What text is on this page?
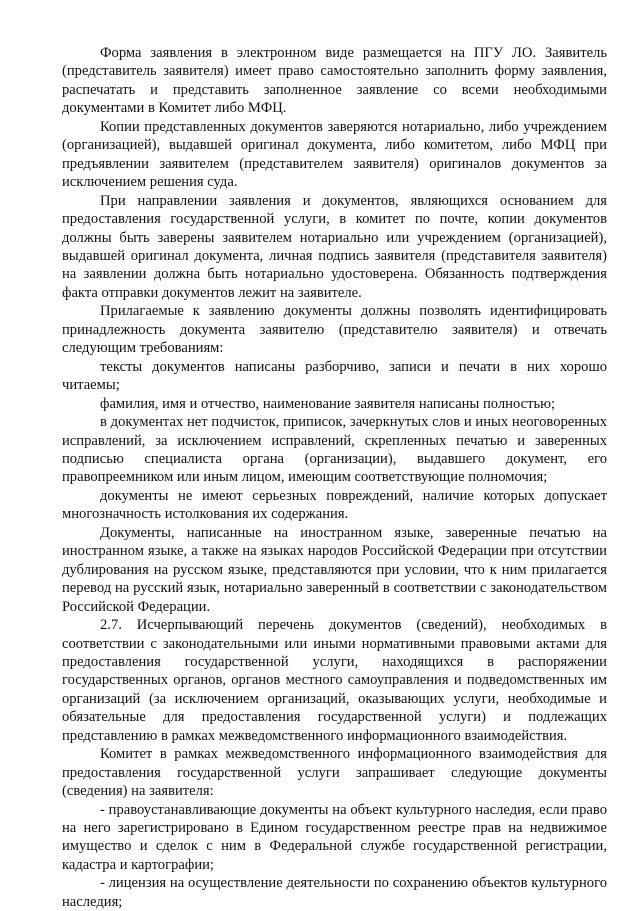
Форма заявления в электронном виде размещается на ПГУ ЛО. Заявитель (представитель заявителя) имеет право самостоятельно заполнить форму заявления, распечатать и представить заполненное заявление со всеми необходимыми документами в Комитет либо МФЦ.

Копии представленных документов заверяются нотариально, либо учреждением (организацией), выдавшей оригинал документа, либо комитетом, либо МФЦ при предъявлении заявителем (представителем заявителя) оригиналов документов за исключением решения суда.

При направлении заявления и документов, являющихся основанием для предоставления государственной услуги, в комитет по почте, копии документов должны быть заверены заявителем нотариально или учреждением (организацией), выдавшей оригинал документа, личная подпись заявителя (представителя заявителя) на заявлении должна быть нотариально удостоверена. Обязанность подтверждения факта отправки документов лежит на заявителе.

Прилагаемые к заявлению документы должны позволять идентифицировать принадлежность документа заявителю (представителю заявителя) и отвечать следующим требованиям:

тексты документов написаны разборчиво, записи и печати в них хорошо читаемы;

фамилия, имя и отчество, наименование заявителя написаны полностью;

в документах нет подчисток, приписок, зачеркнутых слов и иных неоговоренных исправлений, за исключением исправлений, скрепленных печатью и заверенных подписью специалиста органа (организации), выдавшего документ, его правопреемником или иным лицом, имеющим соответствующие полномочия;

документы не имеют серьезных повреждений, наличие которых допускает многозначность истолкования их содержания.

Документы, написанные на иностранном языке, заверенные печатью на иностранном языке, а также на языках народов Российской Федерации при отсутствии дублирования на русском языке, представляются при условии, что к ним прилагается перевод на русский язык, нотариально заверенный в соответствии с законодательством Российской Федерации.

2.7. Исчерпывающий перечень документов (сведений), необходимых в соответствии с законодательными или иными нормативными правовыми актами для предоставления государственной услуги, находящихся в распоряжении государственных органов, органов местного самоуправления и подведомственных им организаций (за исключением организаций, оказывающих услуги, необходимые и обязательные для предоставления государственной услуги) и подлежащих представлению в рамках межведомственного информационного взаимодействия.

Комитет в рамках межведомственного информационного взаимодействия для предоставления государственной услуги запрашивает следующие документы (сведения) на заявителя:

- правоустанавливающие документы на объект культурного наследия, если право на него зарегистрировано в Едином государственном реестре прав на недвижимое имущество и сделок с ним в Федеральной службе государственной регистрации, кадастра и картографии;

- лицензия на осуществление деятельности по сохранению объектов культурного наследия;
